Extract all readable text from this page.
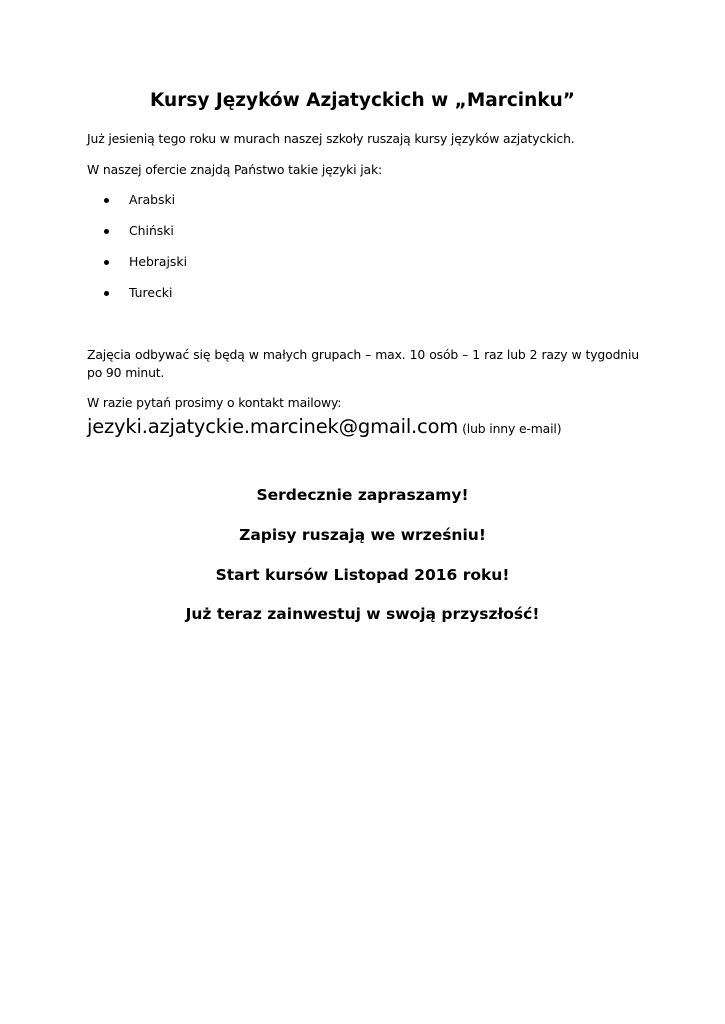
Kursy Języków Azjatyckich w „Marcinku”
Już jesienią tego roku w murach naszej szkoły ruszają kursy języków azjatyckich.
W naszej ofercie znajdą Państwo takie języki jak:
Arabski
Chiński
Hebrajski
Turecki
Zajęcia odbywać się będą w małych grupach – max. 10 osób – 1 raz lub 2 razy w tygodniu po 90 minut.
W razie pytań prosimy o kontakt mailowy:
jezyki.azjatyckie.marcinek@gmail.com (lub inny e-mail)
Serdecznie zapraszamy!
Zapisy ruszają we wrześniu!
Start kursów Listopad 2016 roku!
Już teraz zainwestuj w swoją przyszłość!
